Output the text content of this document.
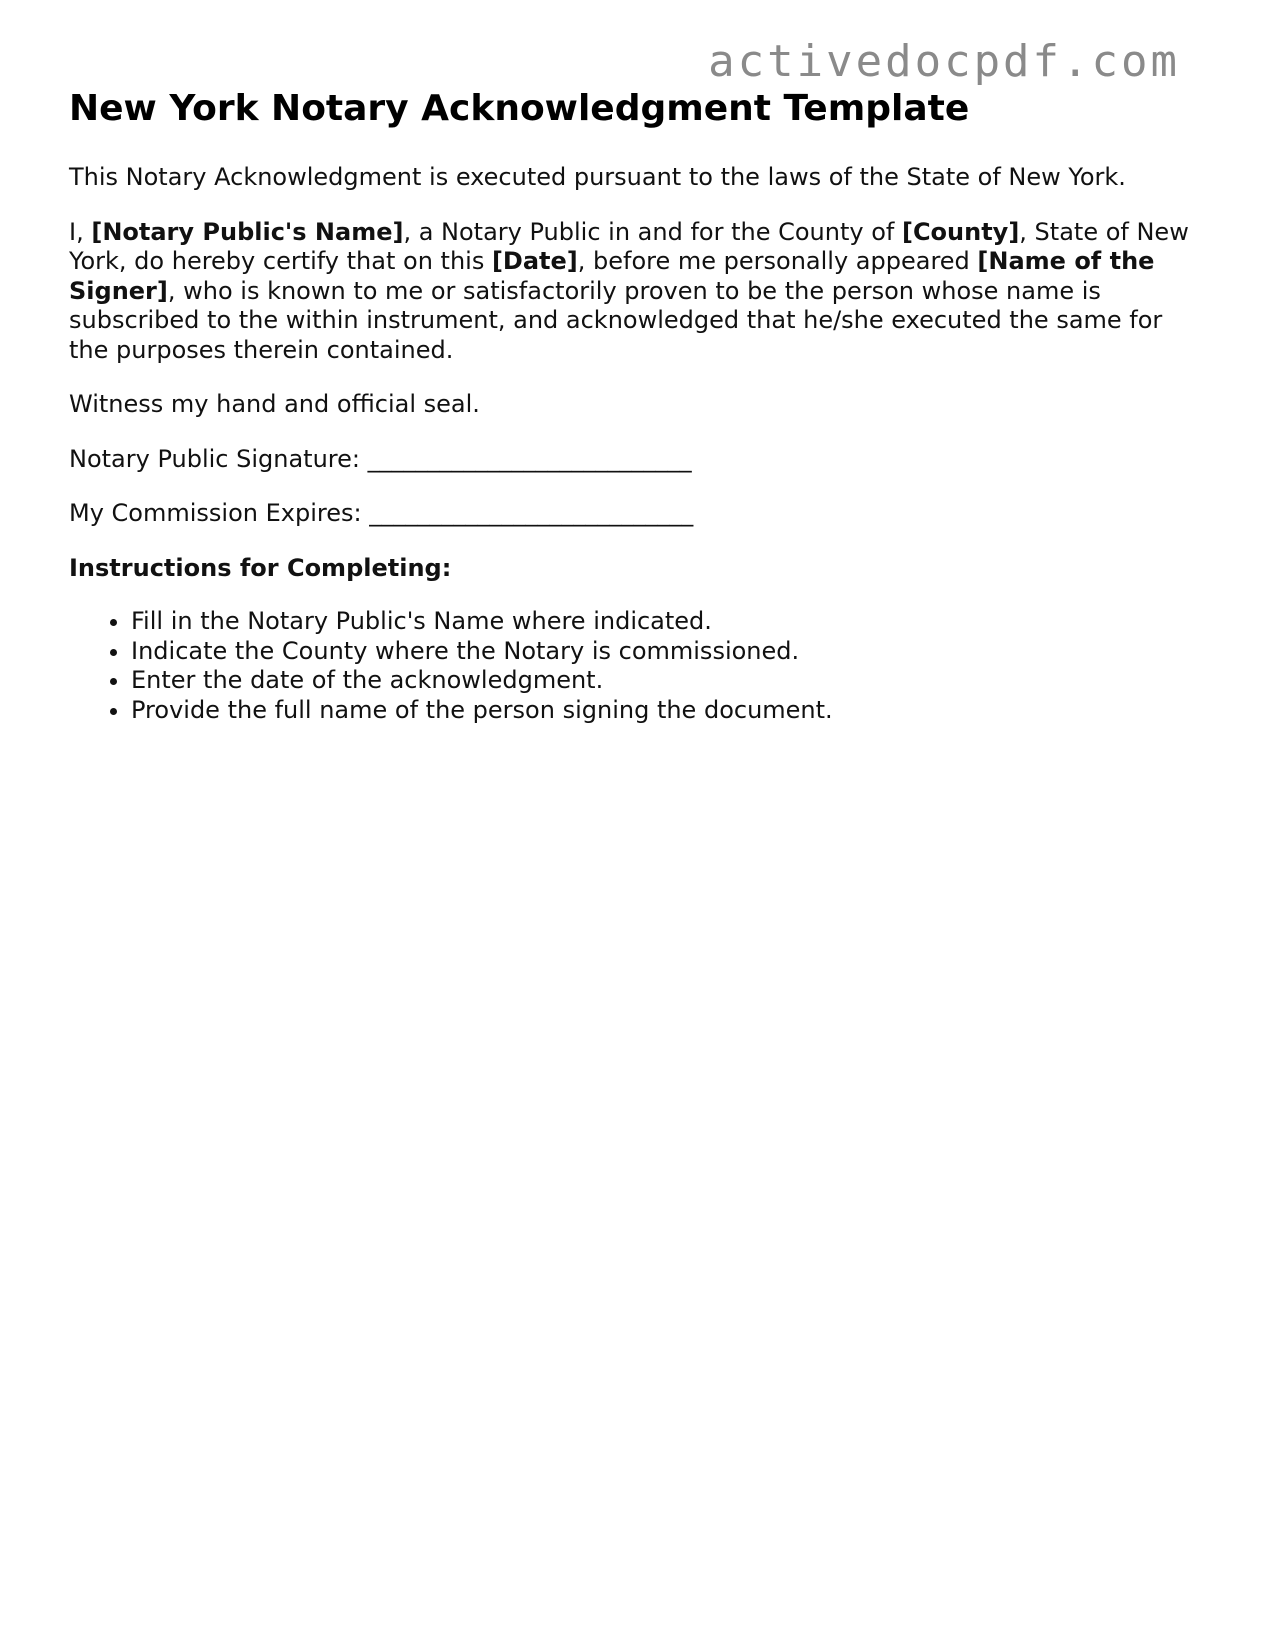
activedocpdf.com
New York Notary Acknowledgment Template

This Notary Acknowledgment is executed pursuant to the laws of the State of New York.

I, [Notary Public's Name], a Notary Public in and for the County of [County], State of New York, do hereby certify that on this [Date], before me personally appeared [Name of the Signer], who is known to me or satisfactorily proven to be the person whose name is subscribed to the within instrument, and acknowledged that he/she executed the same for the purposes therein contained.

Witness my hand and official seal.

Notary Public Signature: ___________________________

My Commission Expires: ___________________________

Instructions for Completing:

• Fill in the Notary Public's Name where indicated.
• Indicate the County where the Notary is commissioned.
• Enter the date of the acknowledgment.
• Provide the full name of the person signing the document.
